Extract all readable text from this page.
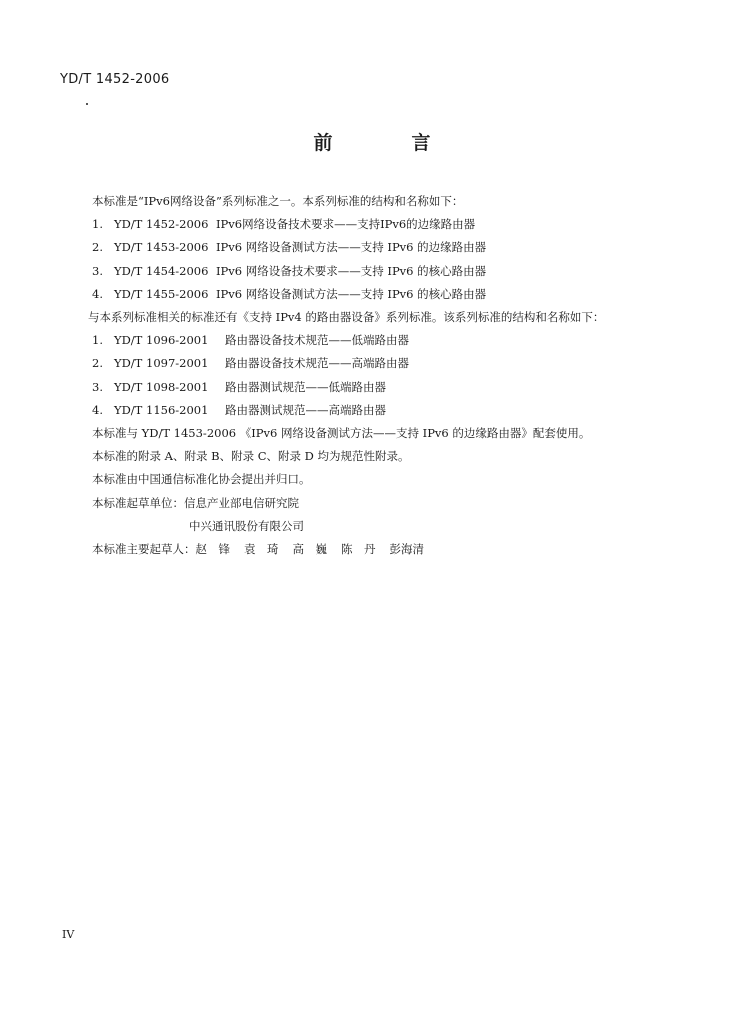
YD/T 1452-2006
前　言
本标准是“IPv6网络设备”系列标准之一。本系列标准的结构和名称如下：
1. YD/T 1452-2006 IPv6网络设备技术要求——支持IPv6的边缘路由器
2. YD/T 1453-2006 IPv6 网络设备测试方法——支持 IPv6 的边缘路由器
3. YD/T 1454-2006 IPv6 网络设备技术要求——支持 IPv6 的核心路由器
4. YD/T 1455-2006 IPv6 网络设备测试方法——支持 IPv6 的核心路由器
与本系列标准相关的标准还有《支持 IPv4 的路由器设备》系列标准。该系列标准的结构和名称如下：
1. YD/T 1096-2001 路由器设备技术规范——低端路由器
2. YD/T 1097-2001 路由器设备技术规范——高端路由器
3. YD/T 1098-2001 路由器测试规范——低端路由器
4. YD/T 1156-2001 路由器测试规范——高端路由器
本标准与 YD/T 1453-2006 《IPv6 网络设备测试方法——支持 IPv6 的边缘路由器》配套使用。
本标准的附录 A、附录 B、附录 C、附录 D 均为规范性附录。
本标准由中国通信标准化协会提出并归口。
本标准起草单位：信息产业部电信研究院
中兴通讯股份有限公司
本标准主要起草人：赵　锋 袁　琦 高　巍 陈　丹 彭海清
IV
